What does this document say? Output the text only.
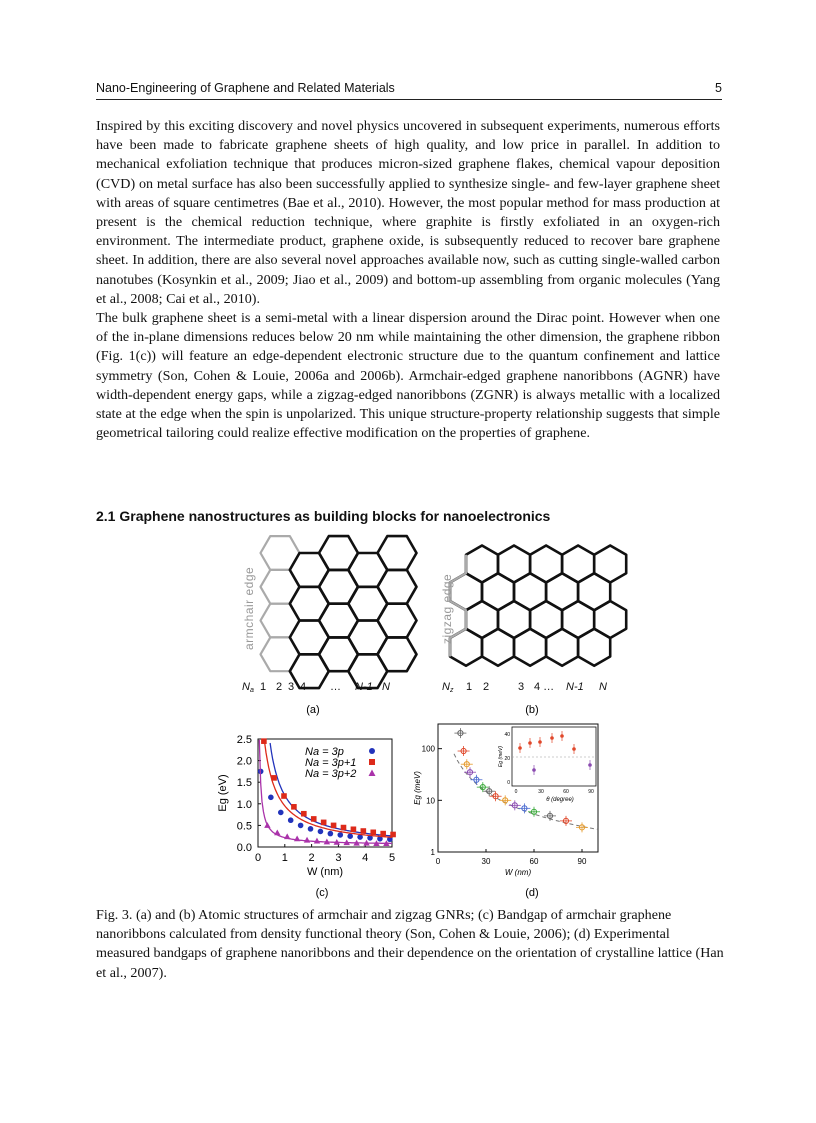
Nano-Engineering of Graphene and Related Materials	5

Inspired by this exciting discovery and novel physics uncovered in subsequent experiments, numerous efforts have been made to fabricate graphene sheets of high quality, and low price in parallel. In addition to mechanical exfoliation technique that produces micron-sized graphene flakes, chemical vapour deposition (CVD) on metal surface has also been successfully applied to synthesize single- and few-layer graphene sheet with areas of square centimetres (Bae et al., 2010). However, the most popular method for mass production at present is the chemical reduction technique, where graphite is firstly exfoliated in an oxygen-rich environment. The intermediate product, graphene oxide, is subsequently reduced to recover bare graphene sheet. In addition, there are also several novel approaches available now, such as cutting single-walled carbon nanotubes (Kosynkin et al., 2009; Jiao et al., 2009) and bottom-up assembling from organic molecules (Yang et al., 2008; Cai et al., 2010).

The bulk graphene sheet is a semi-metal with a linear dispersion around the Dirac point. However when one of the in-plane dimensions reduces below 20 nm while maintaining the other dimension, the graphene ribbon (Fig. 1(c)) will feature an edge-dependent electronic structure due to the quantum confinement and lattice symmetry (Son, Cohen & Louie, 2006a and 2006b). Armchair-edged graphene nanoribbons (AGNR) have width-dependent energy gaps, while a zigzag-edged nanoribbons (ZGNR) is always metallic with a localized state at the edge when the spin is unpolarized. This unique structure-property relationship suggests that simple geometrical tailoring could realize effective modification on the properties of graphene.

2.1 Graphene nanostructures as building blocks for nanoelectronics
armchair edge
Na 1 2 3 4 … N-1 N
(a)
zigzag edge
Nz 1 2	3 4 … N-1 N
(b)
0 1 2 3 4 5
0.0
0.5
1.0
1.5
2.0
2.5
W (nm)
Eg (eV)
Na = 3p
Na = 3p+1
Na = 3p+2
(c)
0	30	60	90
1
10
100
W (nm)
Eg (meV)	0	30	60	90
0
20
40
θ (degree)
Eg (meV)
(d)
Fig. 3. (a) and (b) Atomic structures of armchair and zigzag GNRs; (c) Bandgap of armchair graphene nanoribbons calculated from density functional theory (Son, Cohen & Louie, 2006); (d) Experimental measured bandgaps of graphene nanoribbons and their dependence on the orientation of crystalline lattice (Han et al., 2007).
